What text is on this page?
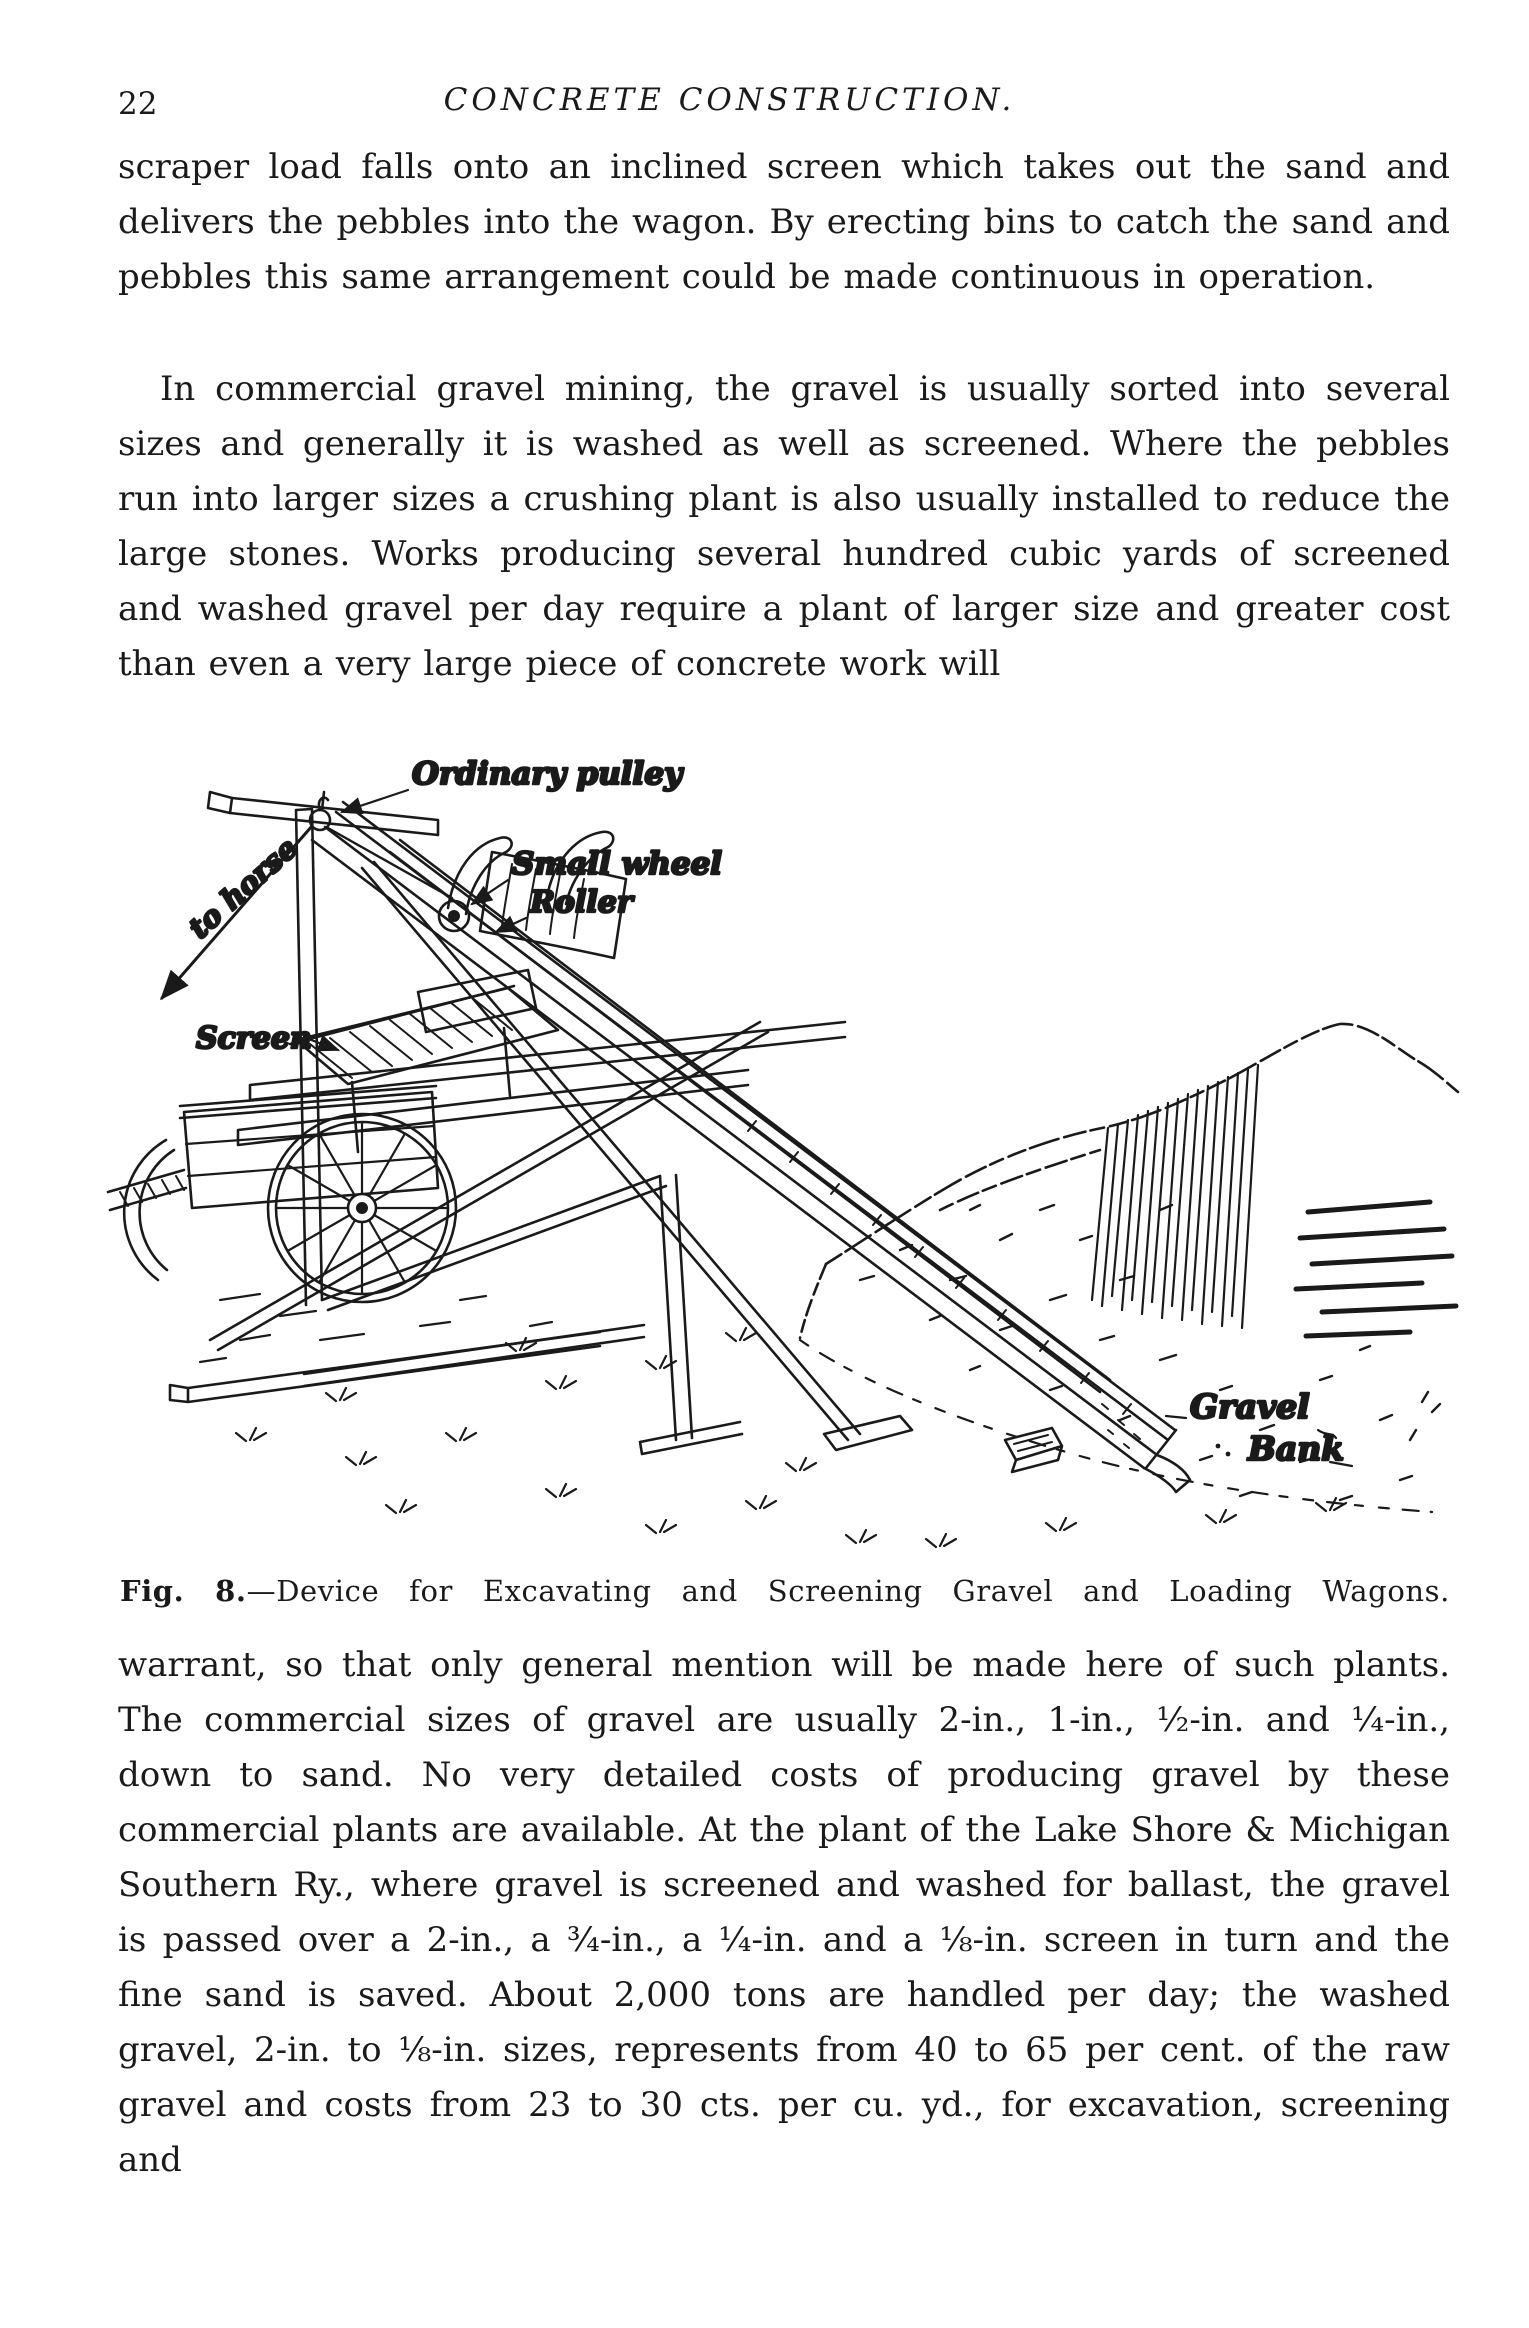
22	CONCRETE CONSTRUCTION.
scraper load falls onto an inclined screen which takes out the sand and delivers the pebbles into the wagon. By erecting bins to catch the sand and pebbles this same arrangement could be made continuous in operation.
In commercial gravel mining, the gravel is usually sorted into several sizes and generally it is washed as well as screened. Where the pebbles run into larger sizes a crushing plant is also usually installed to reduce the large stones. Works producing several hundred cubic yards of screened and washed gravel per day require a plant of larger size and greater cost than even a very large piece of concrete work will
Ordinary pulley
to horse	Small wheel
Roller
Screen
Gravel
Bank
Fig. 8.—Device for Excavating and Screening Gravel and Loading Wagons.
warrant, so that only general mention will be made here of such plants. The commercial sizes of gravel are usually 2-in., 1-in., ½-in. and ¼-in., down to sand. No very detailed costs of producing gravel by these commercial plants are available. At the plant of the Lake Shore & Michigan Southern Ry., where gravel is screened and washed for ballast, the gravel is passed over a 2-in., a ¾-in., a ¼-in. and a ⅛-in. screen in turn and the fine sand is saved. About 2,000 tons are handled per day; the washed gravel, 2-in. to ⅛-in. sizes, represents from 40 to 65 per cent. of the raw gravel and costs from 23 to 30 cts. per cu. yd., for excavation, screening and
